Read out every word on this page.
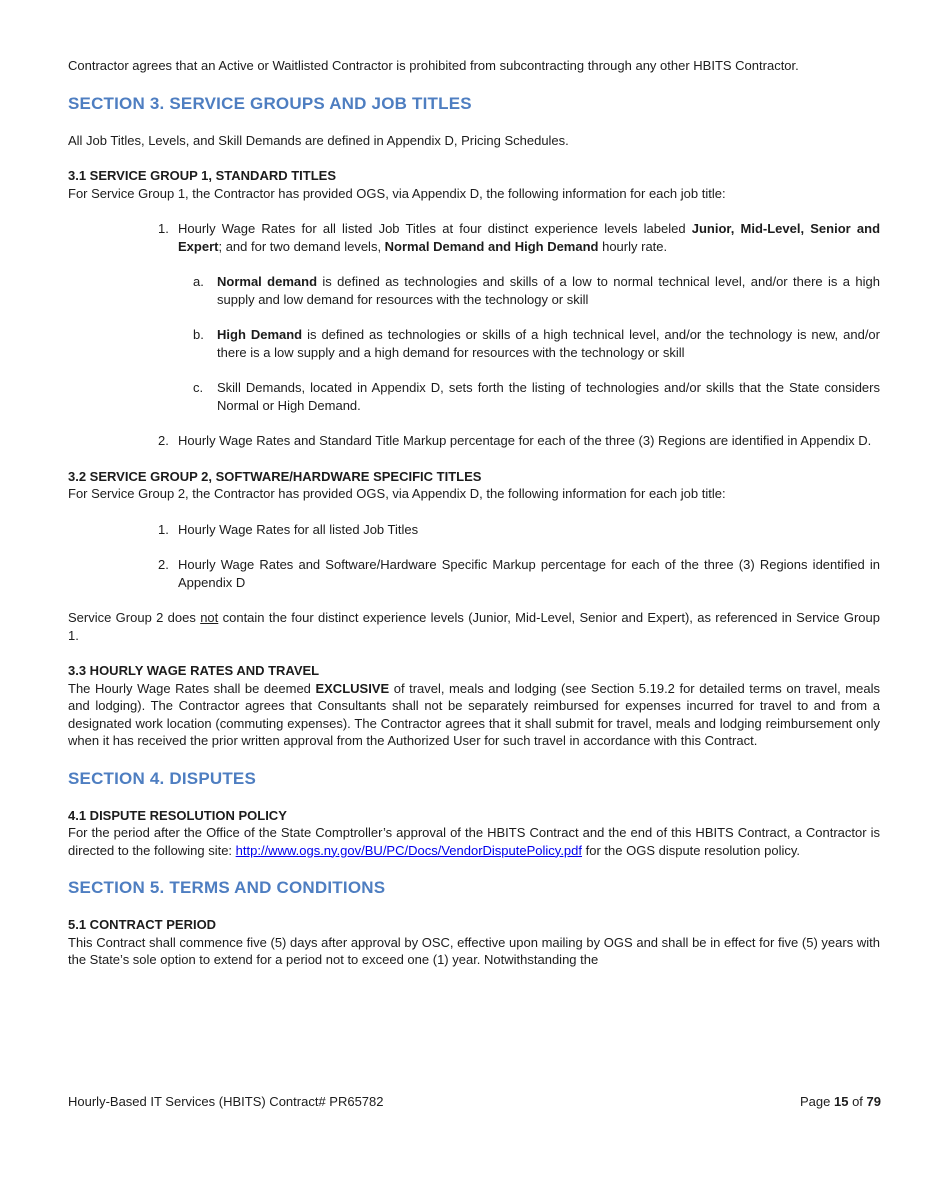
Contractor agrees that an Active or Waitlisted Contractor is prohibited from subcontracting through any other HBITS Contractor.

SECTION 3. SERVICE GROUPS AND JOB TITLES

All Job Titles, Levels, and Skill Demands are defined in Appendix D, Pricing Schedules.

3.1 SERVICE GROUP 1, STANDARD TITLES
For Service Group 1, the Contractor has provided OGS, via Appendix D, the following information for each job title:
1. Hourly Wage Rates for all listed Job Titles at four distinct experience levels labeled Junior, Mid-Level, Senior and Expert; and for two demand levels, Normal Demand and High Demand hourly rate.
a.	Normal demand is defined as technologies and skills of a low to normal technical level, and/or there is a high supply and low demand for resources with the technology or skill
b.	High Demand is defined as technologies or skills of a high technical level, and/or the technology is new, and/or there is a low supply and a high demand for resources with the technology or skill
c.	Skill Demands, located in Appendix D, sets forth the listing of technologies and/or skills that the State considers Normal or High Demand.
2. Hourly Wage Rates and Standard Title Markup percentage for each of the three (3) Regions are identified in Appendix D.
3.2 SERVICE GROUP 2, SOFTWARE/HARDWARE SPECIFIC TITLES
For Service Group 2, the Contractor has provided OGS, via Appendix D, the following information for each job title:
1. Hourly Wage Rates for all listed Job Titles
2. Hourly Wage Rates and Software/Hardware Specific Markup percentage for each of the three (3) Regions identified in Appendix D

Service Group 2 does not contain the four distinct experience levels (Junior, Mid-Level, Senior and Expert), as referenced in Service Group 1.

3.3 HOURLY WAGE RATES AND TRAVEL
The Hourly Wage Rates shall be deemed EXCLUSIVE of travel, meals and lodging (see Section 5.19.2 for detailed terms on travel, meals and lodging). The Contractor agrees that Consultants shall not be separately reimbursed for expenses incurred for travel to and from a designated work location (commuting expenses). The Contractor agrees that it shall submit for travel, meals and lodging reimbursement only when it has received the prior written approval from the Authorized User for such travel in accordance with this Contract.
SECTION 4. DISPUTES
4.1 DISPUTE RESOLUTION POLICY
For the period after the Office of the State Comptroller’s approval of the HBITS Contract and the end of this HBITS Contract, a Contractor is directed to the following site: http://www.ogs.ny.gov/BU/PC/Docs/VendorDisputePolicy.pdf for the OGS dispute resolution policy.
SECTION 5. TERMS AND CONDITIONS
5.1 CONTRACT PERIOD
This Contract shall commence five (5) days after approval by OSC, effective upon mailing by OGS and shall be in effect for five (5) years with the State’s sole option to extend for a period not to exceed one (1) year. Notwithstanding the
Hourly-Based IT Services (HBITS) Contract# PR65782	Page 15 of 79
